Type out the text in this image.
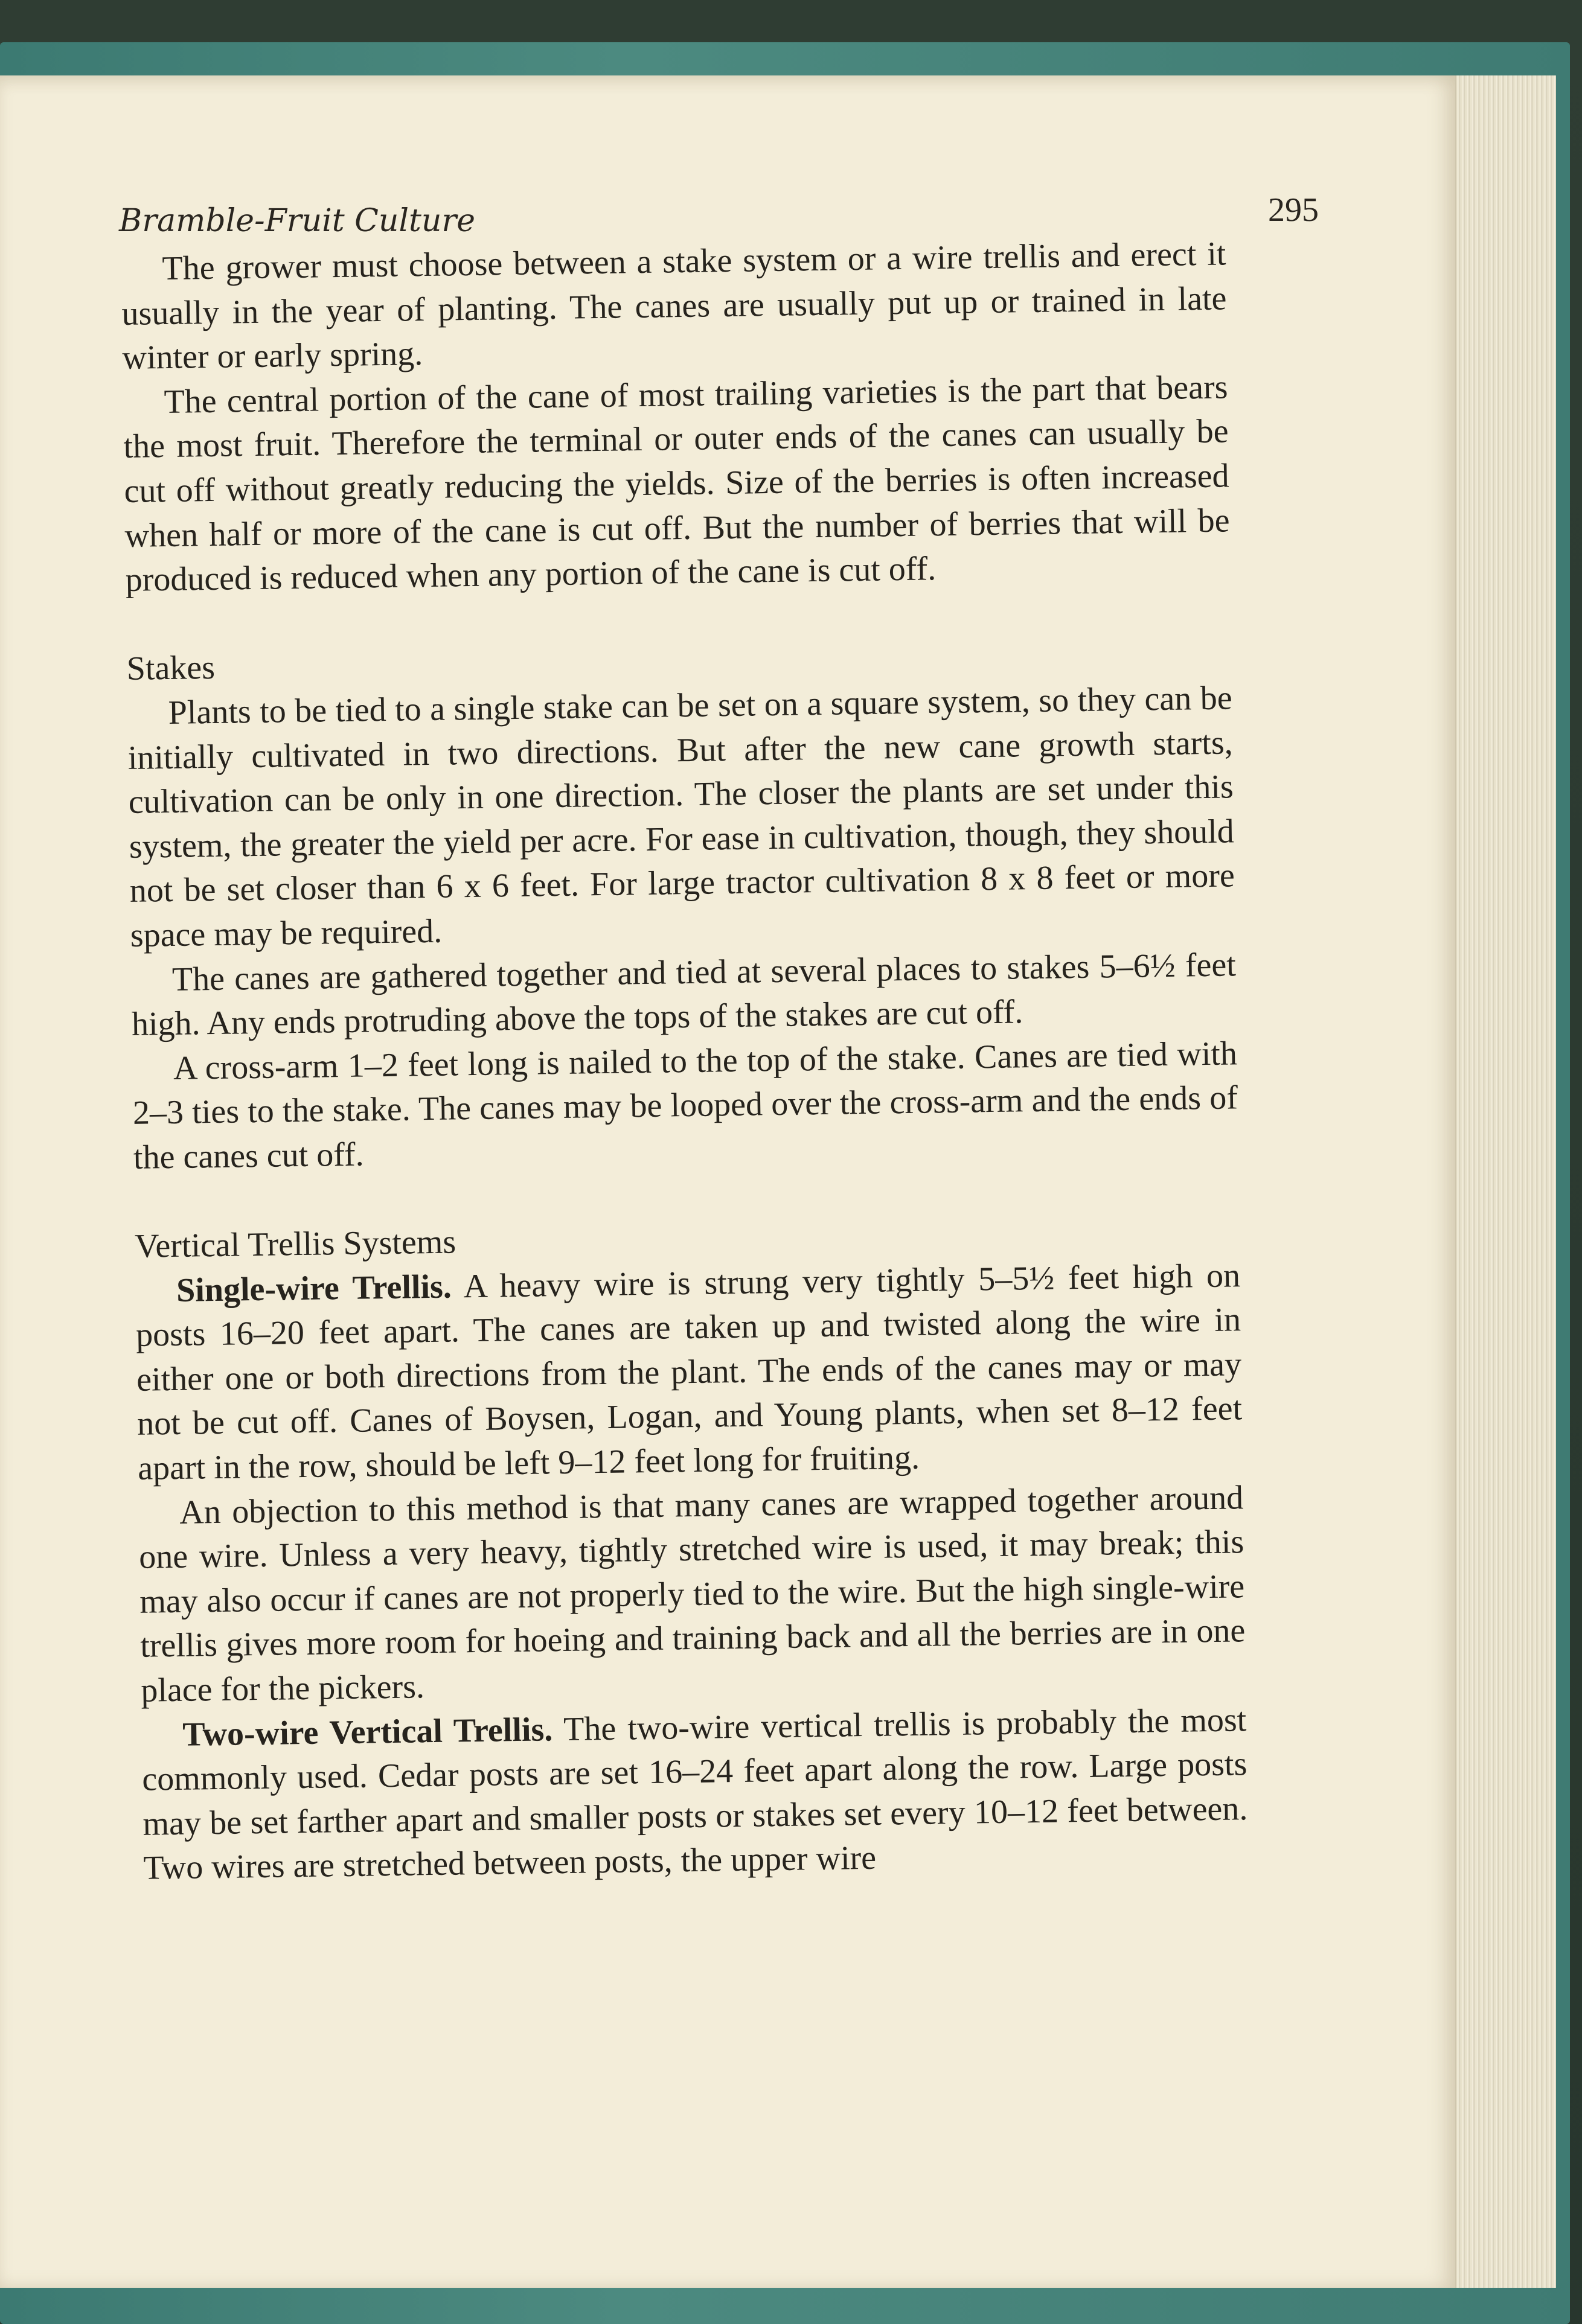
Bramble-Fruit Culture	295

The grower must choose between a stake system or a wire trellis and erect it usually in the year of planting. The canes are usually put up or trained in late winter or early spring.

The central portion of the cane of most trailing varieties is the part that bears the most fruit. Therefore the terminal or outer ends of the canes can usually be cut off without greatly reducing the yields. Size of the berries is often increased when half or more of the cane is cut off. But the number of berries that will be produced is reduced when any portion of the cane is cut off.

Stakes

Plants to be tied to a single stake can be set on a square system, so they can be initially cultivated in two directions. But after the new cane growth starts, cultivation can be only in one direction. The closer the plants are set under this system, the greater the yield per acre. For ease in cultivation, though, they should not be set closer than 6 x 6 feet. For large tractor cultivation 8 x 8 feet or more space may be required.

The canes are gathered together and tied at several places to stakes 5–6½ feet high. Any ends protruding above the tops of the stakes are cut off.

A cross-arm 1–2 feet long is nailed to the top of the stake. Canes are tied with 2–3 ties to the stake. The canes may be looped over the cross-arm and the ends of the canes cut off.

Vertical Trellis Systems

Single-wire Trellis. A heavy wire is strung very tightly 5–5½ feet high on posts 16–20 feet apart. The canes are taken up and twisted along the wire in either one or both directions from the plant. The ends of the canes may or may not be cut off. Canes of Boysen, Logan, and Young plants, when set 8–12 feet apart in the row, should be left 9–12 feet long for fruiting.

An objection to this method is that many canes are wrapped together around one wire. Unless a very heavy, tightly stretched wire is used, it may break; this may also occur if canes are not properly tied to the wire. But the high single-wire trellis gives more room for hoeing and training back and all the berries are in one place for the pickers.

Two-wire Vertical Trellis. The two-wire vertical trellis is probably the most commonly used. Cedar posts are set 16–24 feet apart along the row. Large posts may be set farther apart and smaller posts or stakes set every 10–12 feet between. Two wires are stretched between posts, the upper wire
